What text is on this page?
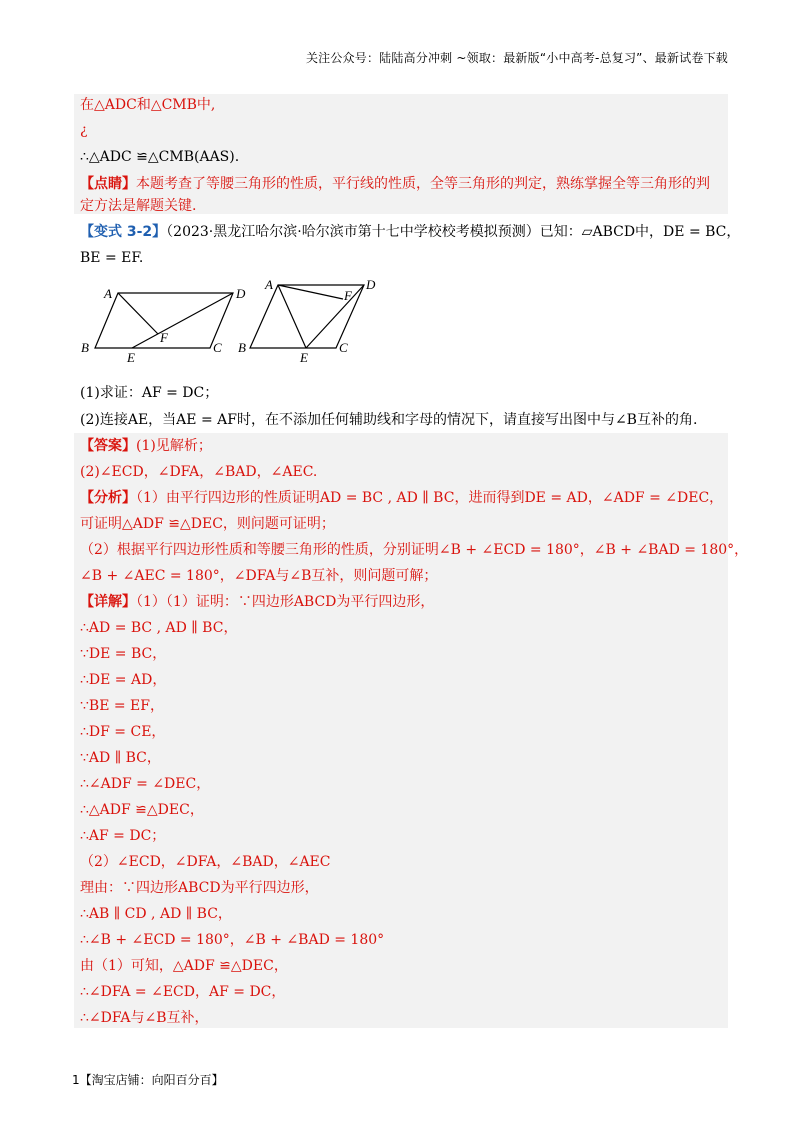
关注公众号：陆陆高分冲刺 ~领取：最新版“小中高考-总复习”、最新试卷下载
在△ADC和△CMB中,
¿
∴△ADC ≌△CMB(AAS).
【点睛】本题考查了等腰三角形的性质，平行线的性质，全等三角形的判定，熟练掌握全等三角形的判
定方法是解题关键.
【变式 3-2】（2023·黑龙江哈尔滨·哈尔滨市第十七中学校校考模拟预测）已知：▱ABCD中，DE = BC，
BE = EF.
A	D
B	C
E
F
A	D
F
B	C
E
(1)求证：AF = DC；
(2)连接AE，当AE = AF时，在不添加任何辅助线和字母的情况下，请直接写出图中与∠B互补的角.
【答案】(1)见解析；
(2)∠ECD，∠DFA，∠BAD，∠AEC.
【分析】（1）由平行四边形的性质证明AD = BC , AD ∥ BC，进而得到DE = AD，∠ADF = ∠DEC，
可证明△ADF ≌△DEC，则问题可证明；
（2）根据平行四边形性质和等腰三角形的性质，分别证明∠B + ∠ECD = 180°，∠B + ∠BAD = 180°，
∠B + ∠AEC = 180°，∠DFA与∠B互补，则问题可解；
【详解】（1）（1）证明：∵四边形ABCD为平行四边形，
∴AD = BC , AD ∥ BC，
∵DE = BC，
∴DE = AD，
∵BE = EF，
∴DF = CE，
∵AD ∥ BC，
∴∠ADF = ∠DEC，
∴△ADF ≌△DEC，
∴AF = DC；
（2）∠ECD，∠DFA，∠BAD，∠AEC
理由：∵四边形ABCD为平行四边形，
∴AB ∥ CD , AD ∥ BC，
∴∠B + ∠ECD = 180°，∠B + ∠BAD = 180°
由（1）可知，△ADF ≌△DEC，
∴∠DFA = ∠ECD，AF = DC，
∴∠DFA与∠B互补，
1【淘宝店铺：向阳百分百】
